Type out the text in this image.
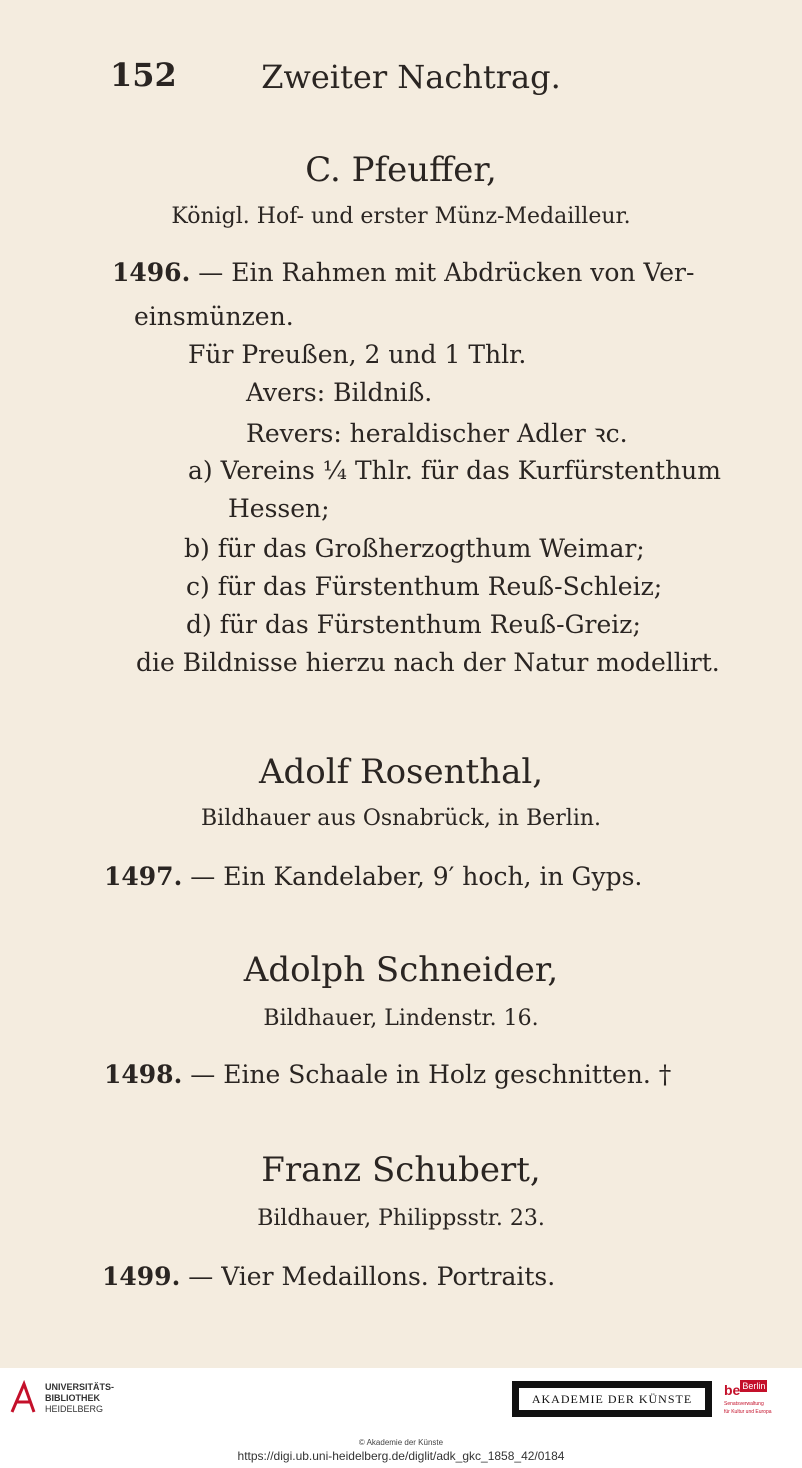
152	Zweiter Nachtrag.
C. Pfeuffer,
Königl. Hof- und erster Münz-Medailleur.
1496. — Ein Rahmen mit Abdrücken von Ver-
einsmünzen.
Für Preußen, 2 und 1 Thlr.
Avers: Bildniß.
Revers: heraldischer Adler ꝛc.
a) Vereins ¼ Thlr. für das Kurfürstenthum
Hessen;
b) für das Großherzogthum Weimar;
c) für das Fürstenthum Reuß-Schleiz;
d) für das Fürstenthum Reuß-Greiz;
die Bildnisse hierzu nach der Natur modellirt.
Adolf Rosenthal,
Bildhauer aus Osnabrück, in Berlin.
1497. — Ein Kandelaber, 9′ hoch, in Gyps.
Adolph Schneider,
Bildhauer, Lindenstr. 16.
1498. — Eine Schaale in Holz geschnitten. †
Franz Schubert,
Bildhauer, Philippsstr. 23.
1499. — Vier Medaillons. Portraits.
UNIVERSITÄTS-
BIBLIOTHEK
HEIDELBERG
AKADEMIE DER KÜNSTE
be Berlin
Senatsverwaltung
für Kultur und Europa
© Akademie der Künste
https://digi.ub.uni-heidelberg.de/diglit/adk_gkc_1858_42/0184
